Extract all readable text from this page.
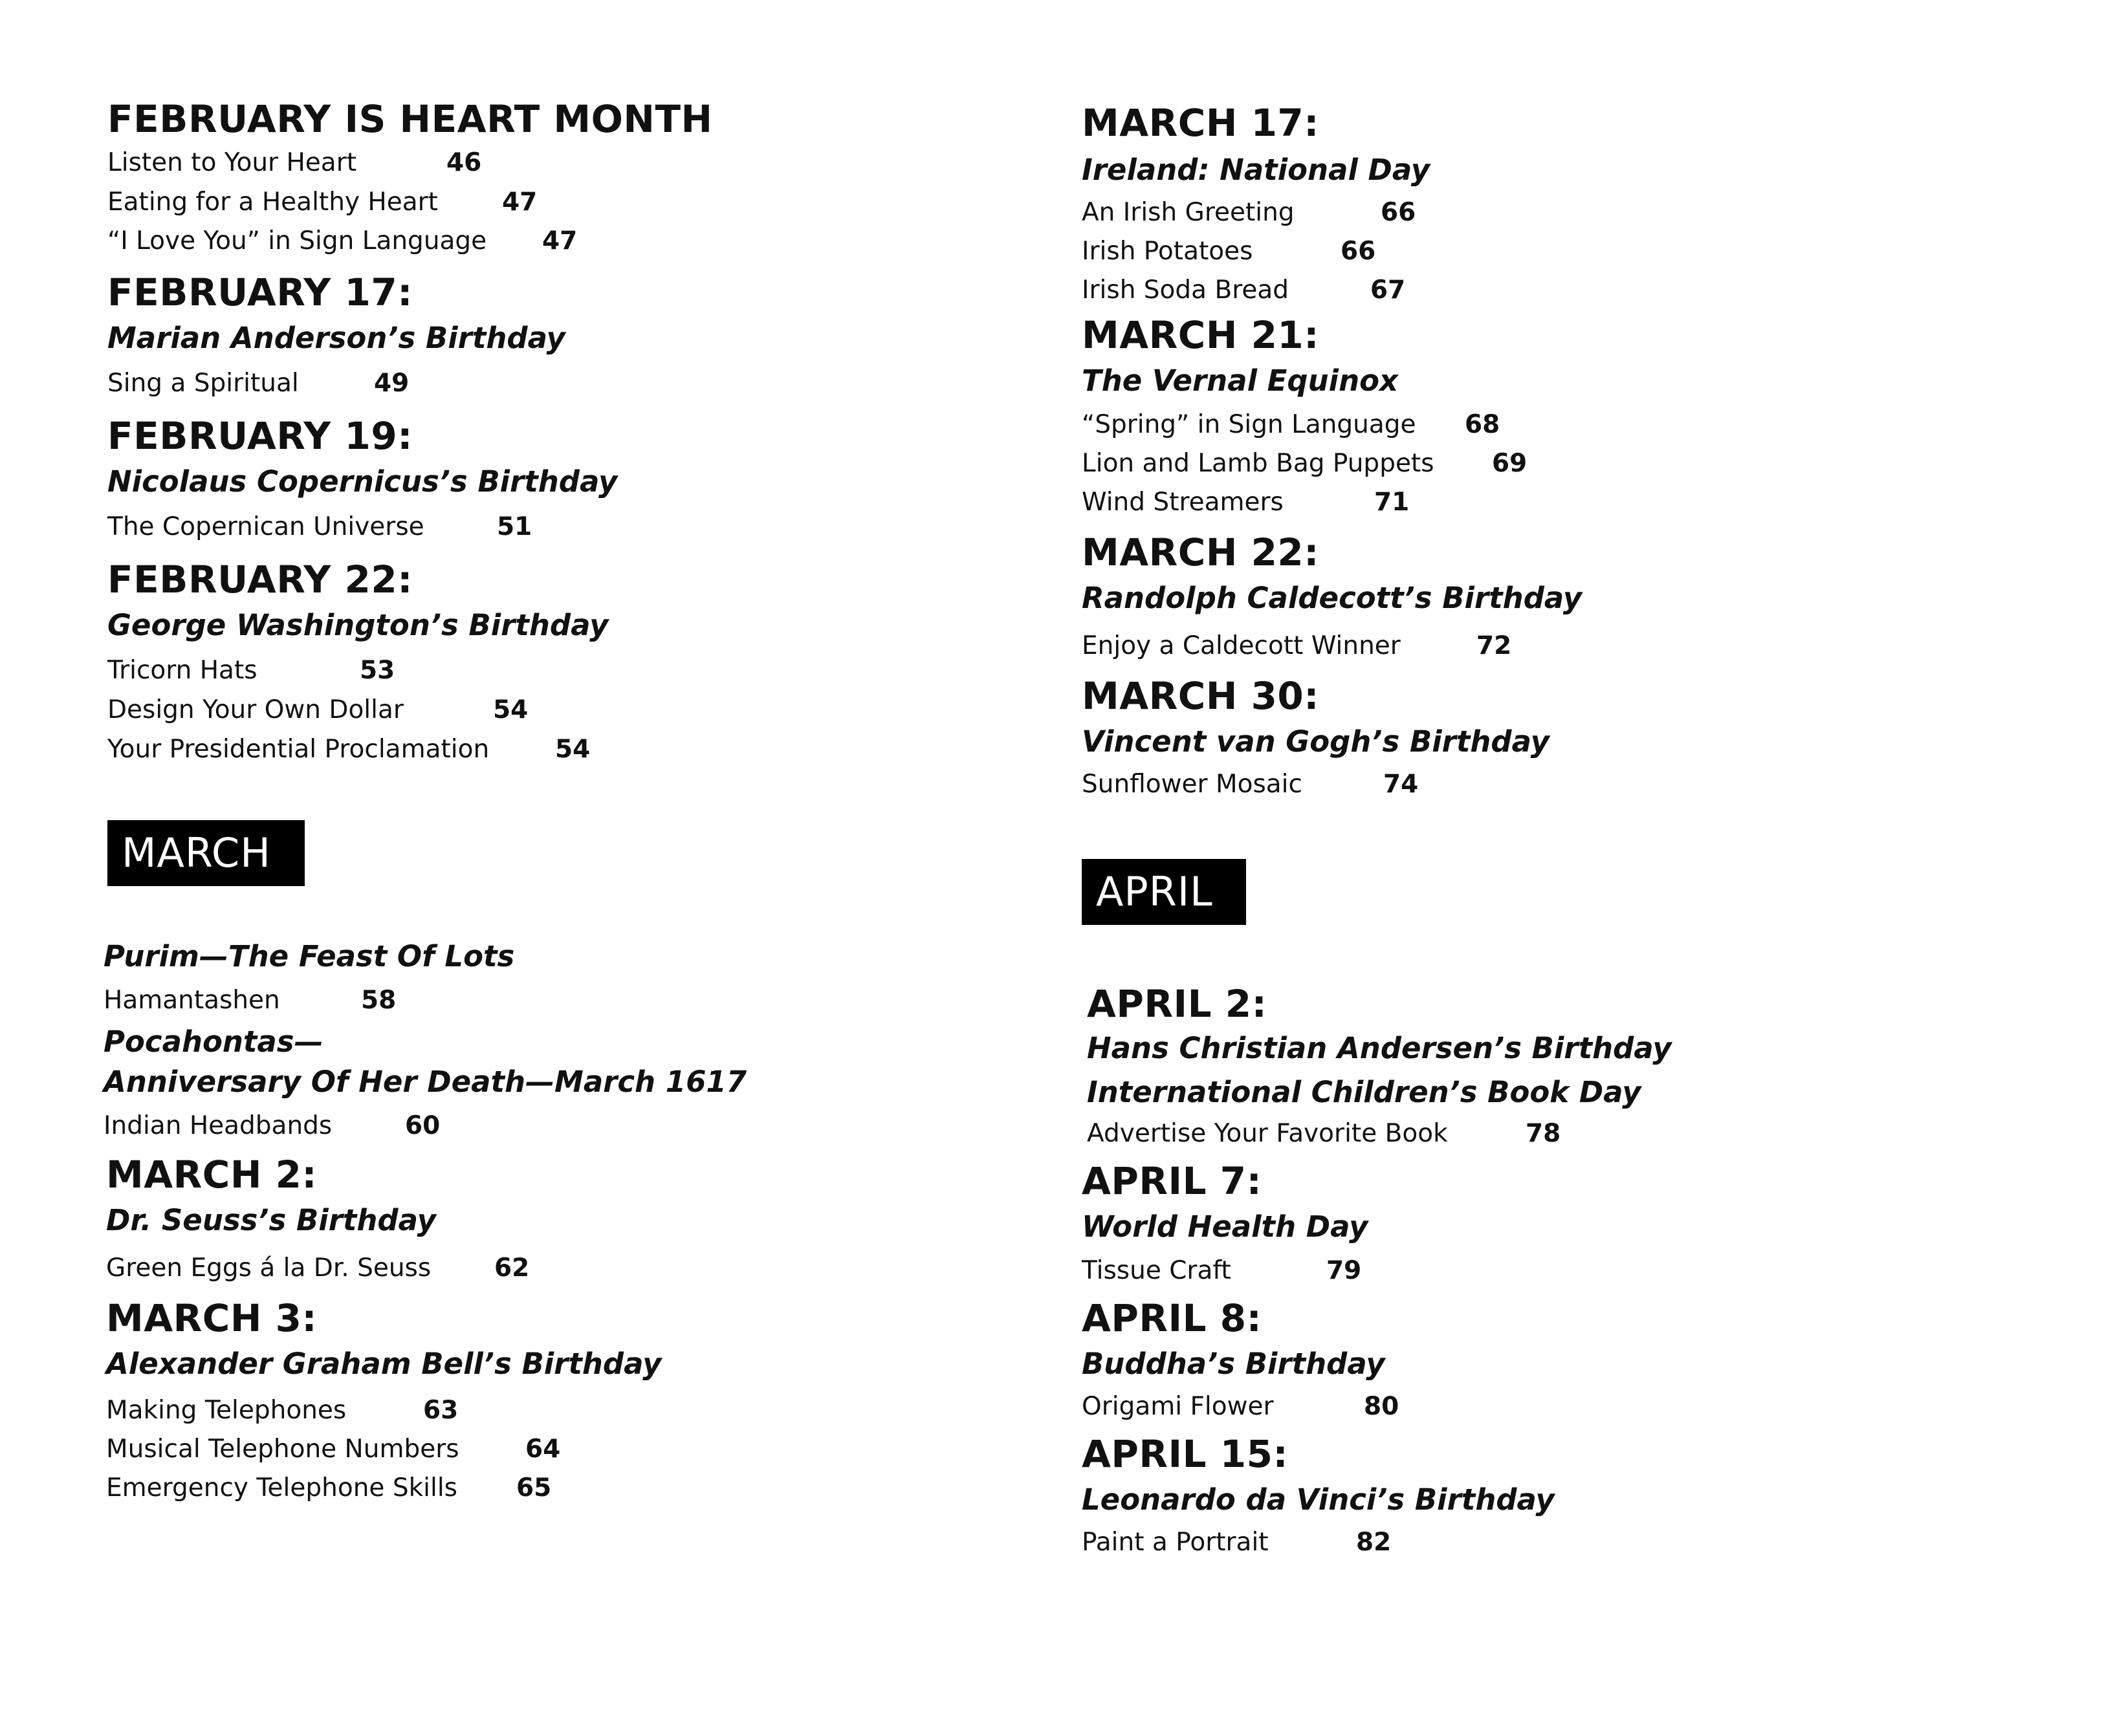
FEBRUARY IS HEART MONTH
Listen to Your Heart	46
Eating for a Healthy Heart	47
“I Love You” in Sign Language 47
FEBRUARY 17:
Marian Anderson’s Birthday
Sing a Spiritual	49
FEBRUARY 19:
Nicolaus Copernicus’s Birthday
The Copernican Universe	51
FEBRUARY 22:
George Washington’s Birthday
Tricorn Hats	53
Design Your Own Dollar	54
Your Presidential Proclamation	54
MARCH
Purim—The Feast Of Lots
Hamantashen	58
Pocahontas—
Anniversary Of Her Death—March 1617
Indian Headbands	60
MARCH 2:
Dr. Seuss’s Birthday
Green Eggs á la Dr. Seuss	62
MARCH 3:
Alexander Graham Bell’s Birthday
Making Telephones	63
Musical Telephone Numbers	64
Emergency Telephone Skills 65
MARCH 17:
Ireland: National Day
An Irish Greeting	66
Irish Potatoes	66
Irish Soda Bread	67
MARCH 21:
The Vernal Equinox
“Spring” in Sign Language 68
Lion and Lamb Bag Puppets 69
Wind Streamers	71
MARCH 22:
Randolph Caldecott’s Birthday
Enjoy a Caldecott Winner	72
MARCH 30:
Vincent van Gogh’s Birthday
Sunflower Mosaic	74
APRIL
APRIL 2:
Hans Christian Andersen’s Birthday
International Children’s Book Day
Advertise Your Favorite Book	78
APRIL 7:
World Health Day
Tissue Craft	79
APRIL 8:
Buddha’s Birthday
Origami Flower	80
APRIL 15:
Leonardo da Vinci’s Birthday
Paint a Portrait	82
